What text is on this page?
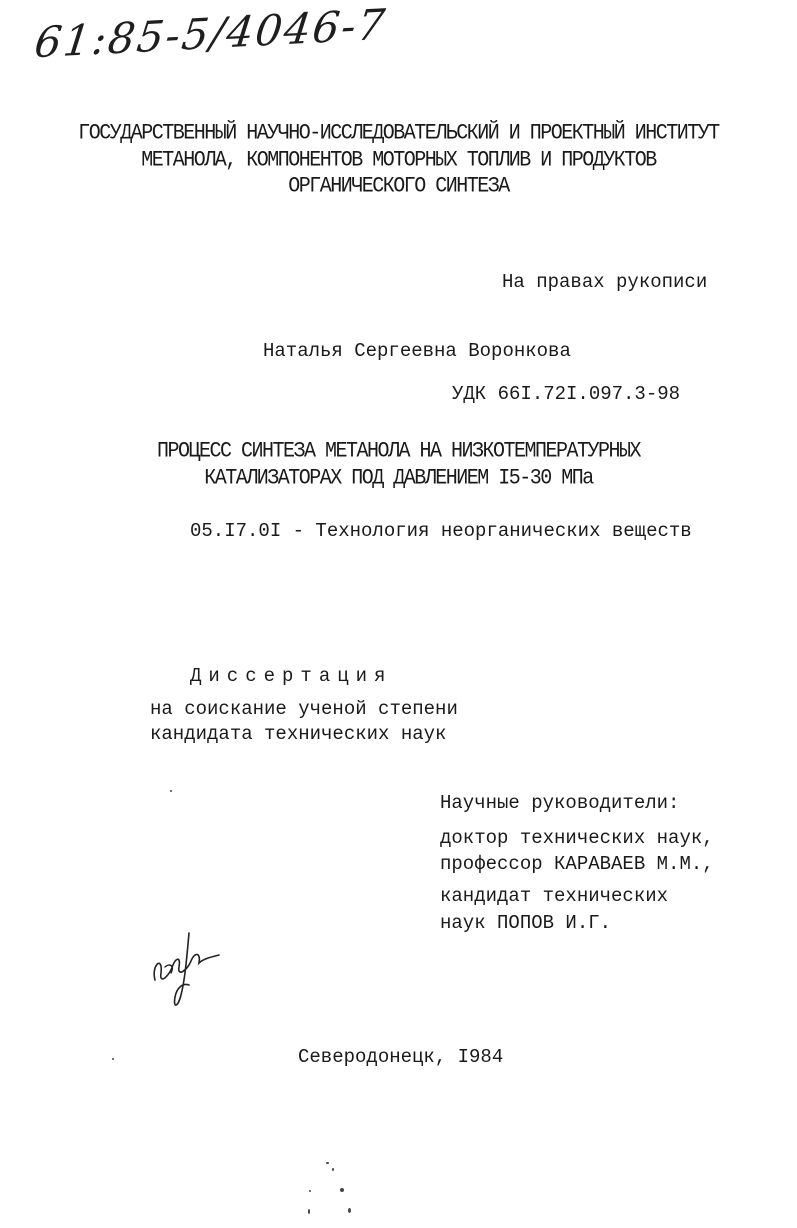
61:85-5/4046-7
ГОСУДАРСТВЕННЫЙ НАУЧНО-ИССЛЕДОВАТЕЛЬСКИЙ И ПРОЕКТНЫЙ ИНСТИТУТ
МЕТАНОЛА, КОМПОНЕНТОВ МОТОРНЫХ ТОПЛИВ И ПРОДУКТОВ
ОРГАНИЧЕСКОГО СИНТЕЗА
На правах рукописи
Наталья Сергеевна Воронкова
УДК 66I.72I.097.3-98
ПРОЦЕСС СИНТЕЗА МЕТАНОЛА НА НИЗКОТЕМПЕРАТУРНЫХ
КАТАЛИЗАТОРАХ ПОД ДАВЛЕНИЕМ I5-30 МПа
05.I7.0I - Технология неорганических веществ
Диссертация
на соискание ученой степени
кандидата технических наук
Научные руководители:
доктор технических наук,
профессор КАРАВАЕВ М.М.,
кандидат технических
наук ПОПОВ И.Г.
Северодонецк, I984
